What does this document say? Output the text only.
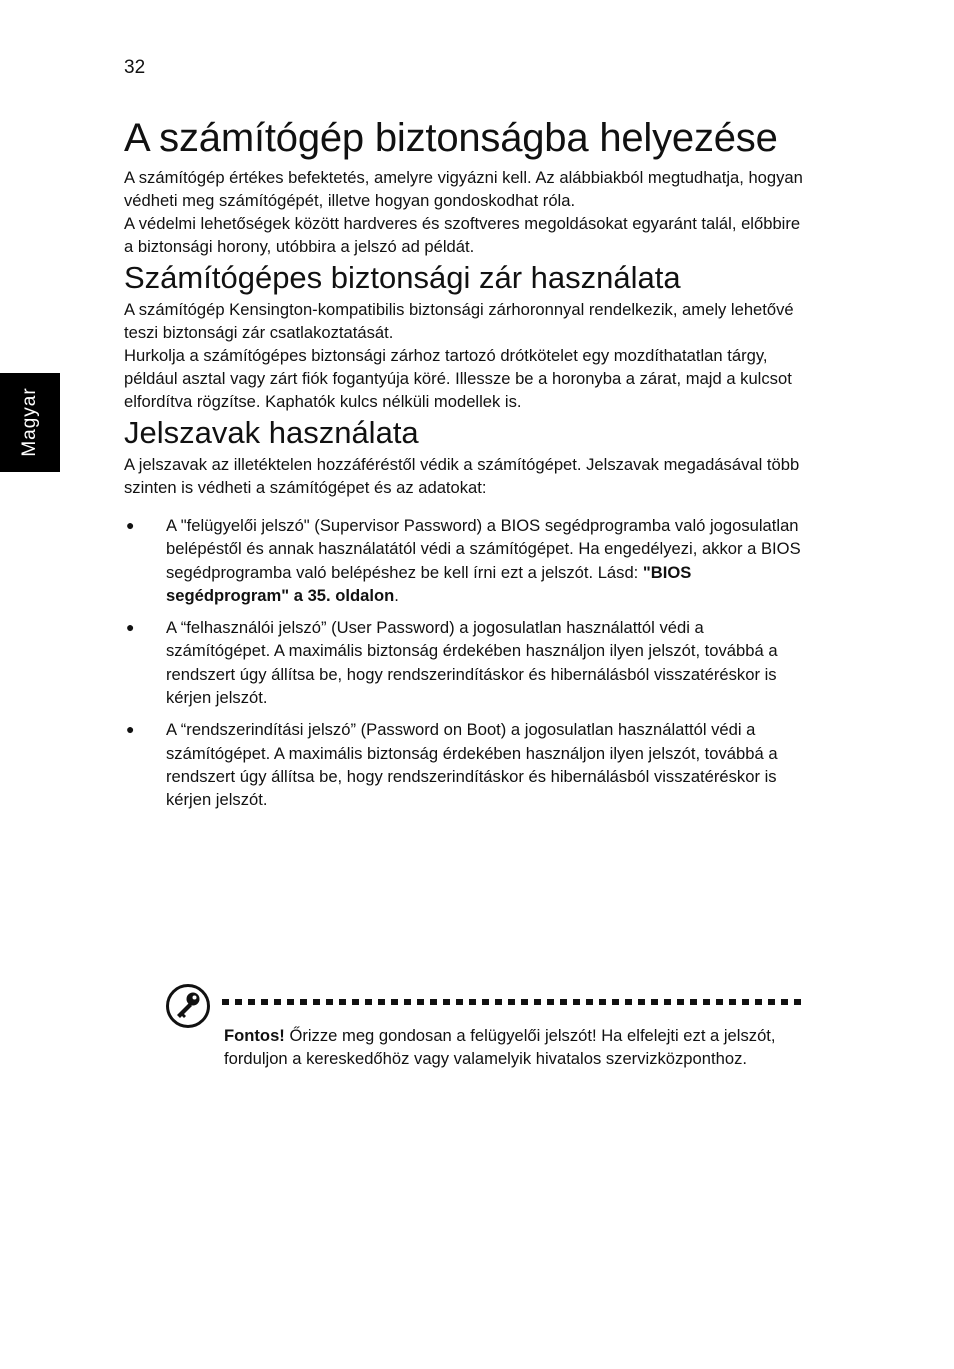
32
Magyar
A számítógép biztonságba helyezése

A számítógép értékes befektetés, amelyre vigyázni kell. Az alábbiakból megtudhatja, hogyan védheti meg számítógépét, illetve hogyan gondoskodhat róla.

A védelmi lehetőségek között hardveres és szoftveres megoldásokat egyaránt talál, előbbire a biztonsági horony, utóbbira a jelszó ad példát.

Számítógépes biztonsági zár használata

A számítógép Kensington-kompatibilis biztonsági zárhoronnyal rendelkezik, amely lehetővé teszi biztonsági zár csatlakoztatását.

Hurkolja a számítógépes biztonsági zárhoz tartozó drótkötelet egy mozdíthatatlan tárgy, például asztal vagy zárt fiók fogantyúja köré. Illessze be a horonyba a zárat, majd a kulcsot elfordítva rögzítse. Kaphatók kulcs nélküli modellek is.

Jelszavak használata

A jelszavak az illetéktelen hozzáféréstől védik a számítógépet. Jelszavak megadásával több szinten is védheti a számítógépet és az adatokat:

● A "felügyelői jelszó" (Supervisor Password) a BIOS segédprogramba való jogosulatlan belépéstől és annak használatától védi a számítógépet. Ha engedélyezi, akkor a BIOS segédprogramba való belépéshez be kell írni ezt a jelszót. Lásd: "BIOS segédprogram" a 35. oldalon.
● A “felhasználói jelszó” (User Password) a jogosulatlan használattól védi a számítógépet. A maximális biztonság érdekében használjon ilyen jelszót, továbbá a rendszert úgy állítsa be, hogy rendszerindításkor és hibernálásból visszatéréskor is kérjen jelszót.
● A “rendszerindítási jelszó” (Password on Boot) a jogosulatlan használattól védi a számítógépet. A maximális biztonság érdekében használjon ilyen jelszót, továbbá a rendszert úgy állítsa be, hogy rendszerindításkor és hibernálásból visszatéréskor is kérjen jelszót.
Fontos! Őrizze meg gondosan a felügyelői jelszót! Ha elfelejti ezt a jelszót, forduljon a kereskedőhöz vagy valamelyik hivatalos szervizközponthoz.
